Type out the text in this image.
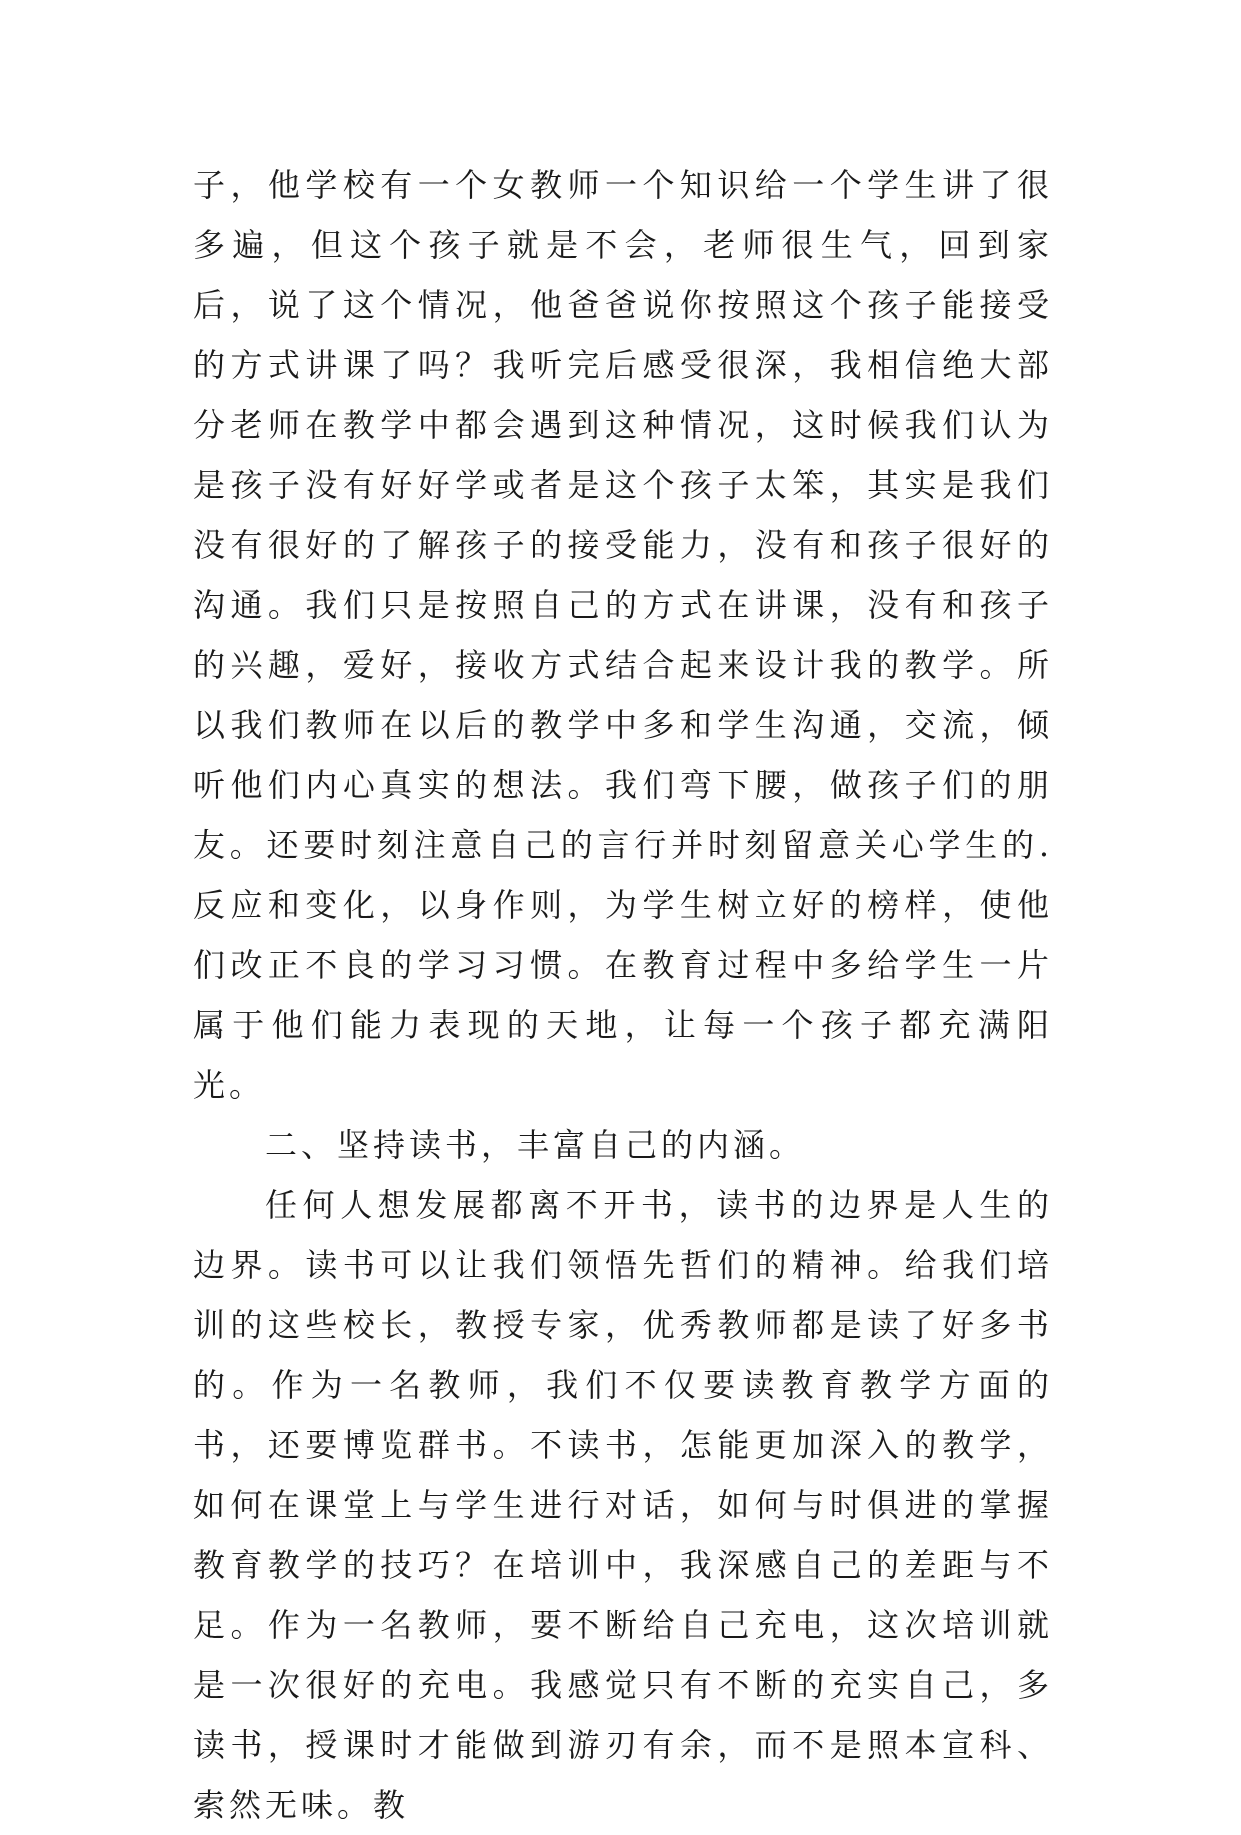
子，他学校有一个女教师一个知识给一个学生讲了很多遍，但这个孩子就是不会，老师很生气，回到家后，说了这个情况，他爸爸说你按照这个孩子能接受的方式讲课了吗？我听完后感受很深，我相信绝大部分老师在教学中都会遇到这种情况，这时候我们认为是孩子没有好好学或者是这个孩子太笨，其实是我们没有很好的了解孩子的接受能力，没有和孩子很好的沟通。我们只是按照自己的方式在讲课，没有和孩子的兴趣，爱好，接收方式结合起来设计我的教学。所以我们教师在以后的教学中多和学生沟通，交流，倾听他们内心真实的想法。我们弯下腰，做孩子们的朋友。还要时刻注意自己的言行并时刻留意关心学生的.反应和变化，以身作则，为学生树立好的榜样，使他们改正不良的学习习惯。在教育过程中多给学生一片属于他们能力表现的天地，让每一个孩子都充满阳光。

二、坚持读书，丰富自己的内涵。

任何人想发展都离不开书，读书的边界是人生的边界。读书可以让我们领悟先哲们的精神。给我们培训的这些校长，教授专家，优秀教师都是读了好多书的。作为一名教师，我们不仅要读教育教学方面的书，还要博览群书。不读书，怎能更加深入的教学，如何在课堂上与学生进行对话，如何与时俱进的掌握教育教学的技巧？在培训中，我深感自己的差距与不足。作为一名教师，要不断给自己充电，这次培训就是一次很好的充电。我感觉只有不断的充实自己，多读书，授课时才能做到游刃有余，而不是照本宣科、索然无味。教
